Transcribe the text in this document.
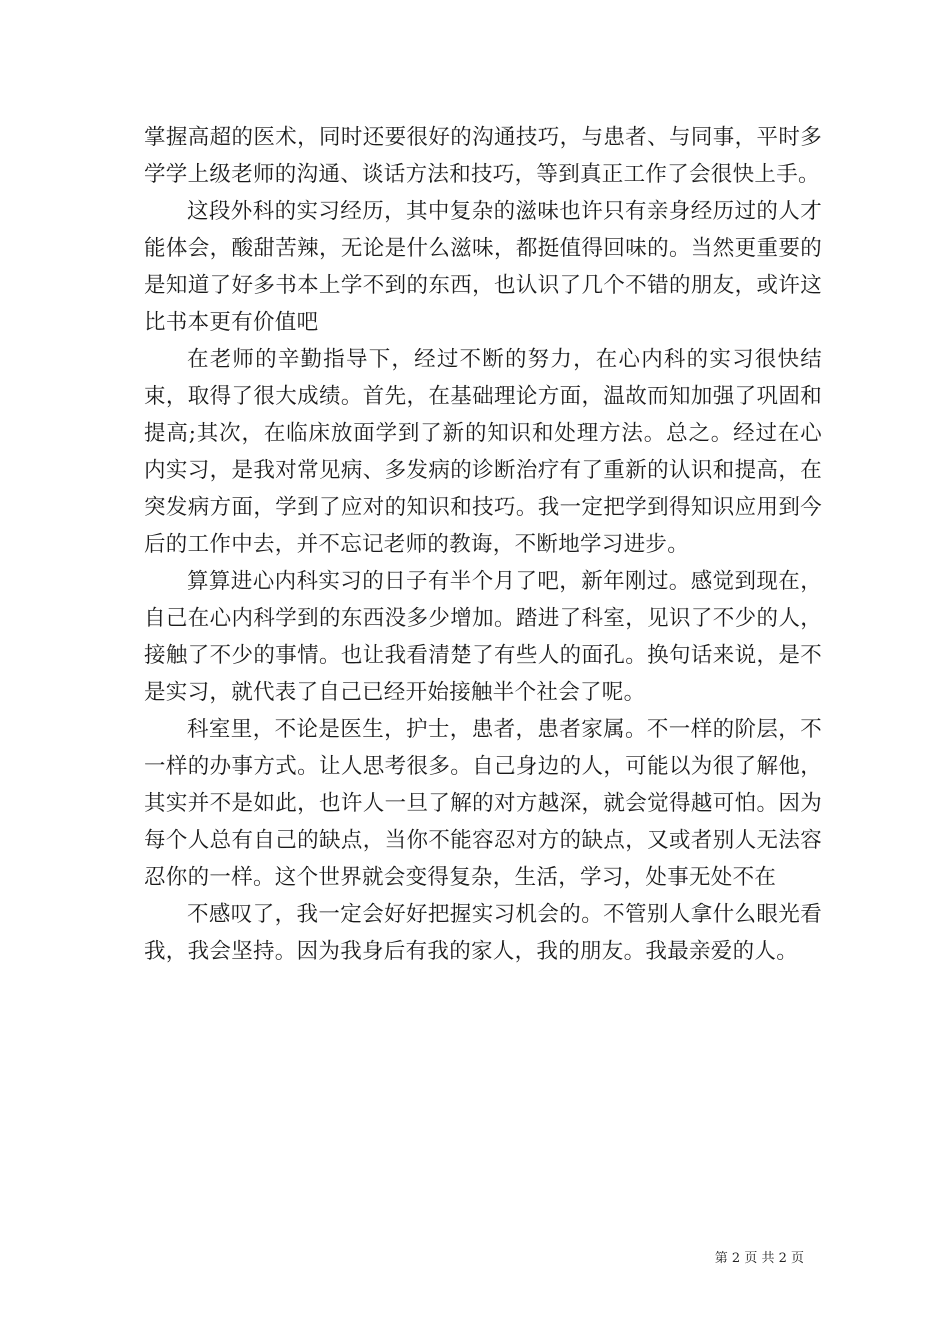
掌握高超的医术，同时还要很好的沟通技巧，与患者、与同事，平时多学学上级老师的沟通、谈话方法和技巧，等到真正工作了会很快上手。

这段外科的实习经历，其中复杂的滋味也许只有亲身经历过的人才能体会，酸甜苦辣，无论是什么滋味，都挺值得回味的。当然更重要的是知道了好多书本上学不到的东西，也认识了几个不错的朋友，或许这比书本更有价值吧

在老师的辛勤指导下，经过不断的努力，在心内科的实习很快结束，取得了很大成绩。首先，在基础理论方面，温故而知加强了巩固和提高;其次，在临床放面学到了新的知识和处理方法。总之。经过在心内实习，是我对常见病、多发病的诊断治疗有了重新的认识和提高，在突发病方面，学到了应对的知识和技巧。我一定把学到得知识应用到今后的工作中去，并不忘记老师的教诲，不断地学习进步。

算算进心内科实习的日子有半个月了吧，新年刚过。感觉到现在，自己在心内科学到的东西没多少增加。踏进了科室，见识了不少的人，接触了不少的事情。也让我看清楚了有些人的面孔。换句话来说，是不是实习，就代表了自己已经开始接触半个社会了呢。

科室里，不论是医生，护士，患者，患者家属。不一样的阶层，不一样的办事方式。让人思考很多。自己身边的人，可能以为很了解他，其实并不是如此，也许人一旦了解的对方越深，就会觉得越可怕。因为每个人总有自己的缺点，当你不能容忍对方的缺点，又或者别人无法容忍你的一样。这个世界就会变得复杂，生活，学习，处事无处不在

不感叹了，我一定会好好把握实习机会的。不管别人拿什么眼光看我，我会坚持。因为我身后有我的家人，我的朋友。我最亲爱的人。

第 2 页 共 2 页
